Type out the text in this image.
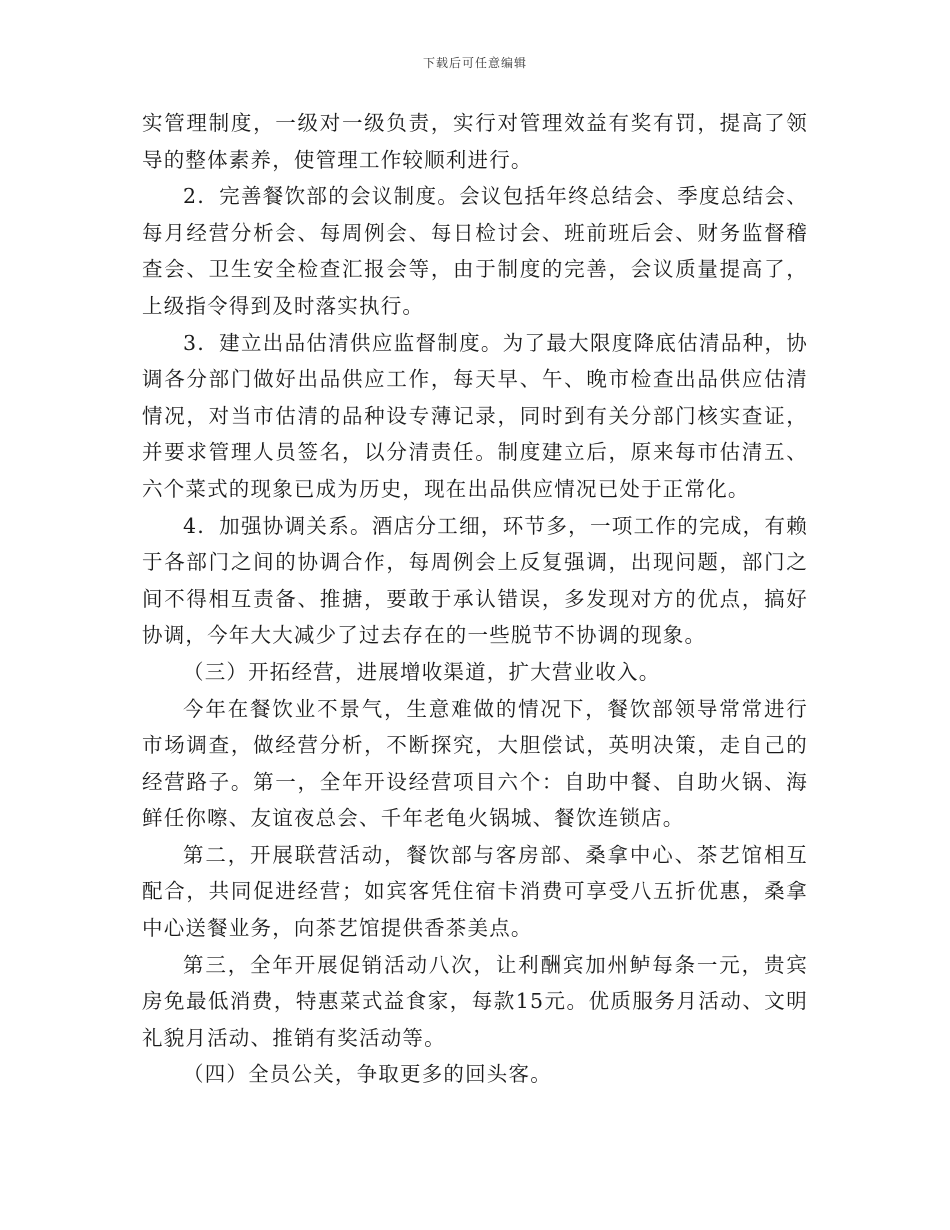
下载后可任意编辑

实管理制度，一级对一级负责，实行对管理效益有奖有罚，提高了领导的整体素养，使管理工作较顺利进行。

2．完善餐饮部的会议制度。会议包括年终总结会、季度总结会、每月经营分析会、每周例会、每日检讨会、班前班后会、财务监督稽查会、卫生安全检查汇报会等，由于制度的完善，会议质量提高了，上级指令得到及时落实执行。

3．建立出品估清供应监督制度。为了最大限度降底估清品种，协调各分部门做好出品供应工作，每天早、午、晚市检查出品供应估清情况，对当市估清的品种设专薄记录，同时到有关分部门核实查证，并要求管理人员签名，以分清责任。制度建立后，原来每市估清五、六个菜式的现象已成为历史，现在出品供应情况已处于正常化。

4．加强协调关系。酒店分工细，环节多，一项工作的完成，有赖于各部门之间的协调合作，每周例会上反复强调，出现问题，部门之间不得相互责备、推搪，要敢于承认错误，多发现对方的优点，搞好协调，今年大大减少了过去存在的一些脱节不协调的现象。

（三）开拓经营，进展增收渠道，扩大营业收入。

今年在餐饮业不景气，生意难做的情况下，餐饮部领导常常进行市场调查，做经营分析，不断探究，大胆偿试，英明决策，走自己的经营路子。第一，全年开设经营项目六个：自助中餐、自助火锅、海鲜任你嚓、友谊夜总会、千年老龟火锅城、餐饮连锁店。

第二，开展联营活动，餐饮部与客房部、桑拿中心、茶艺馆相互配合，共同促进经营；如宾客凭住宿卡消费可享受八五折优惠，桑拿中心送餐业务，向茶艺馆提供香茶美点。

第三，全年开展促销活动八次，让利酬宾加州鲈每条一元，贵宾房免最低消费，特惠菜式益食家，每款15元。优质服务月活动、文明礼貌月活动、推销有奖活动等。

（四）全员公关，争取更多的回头客。
